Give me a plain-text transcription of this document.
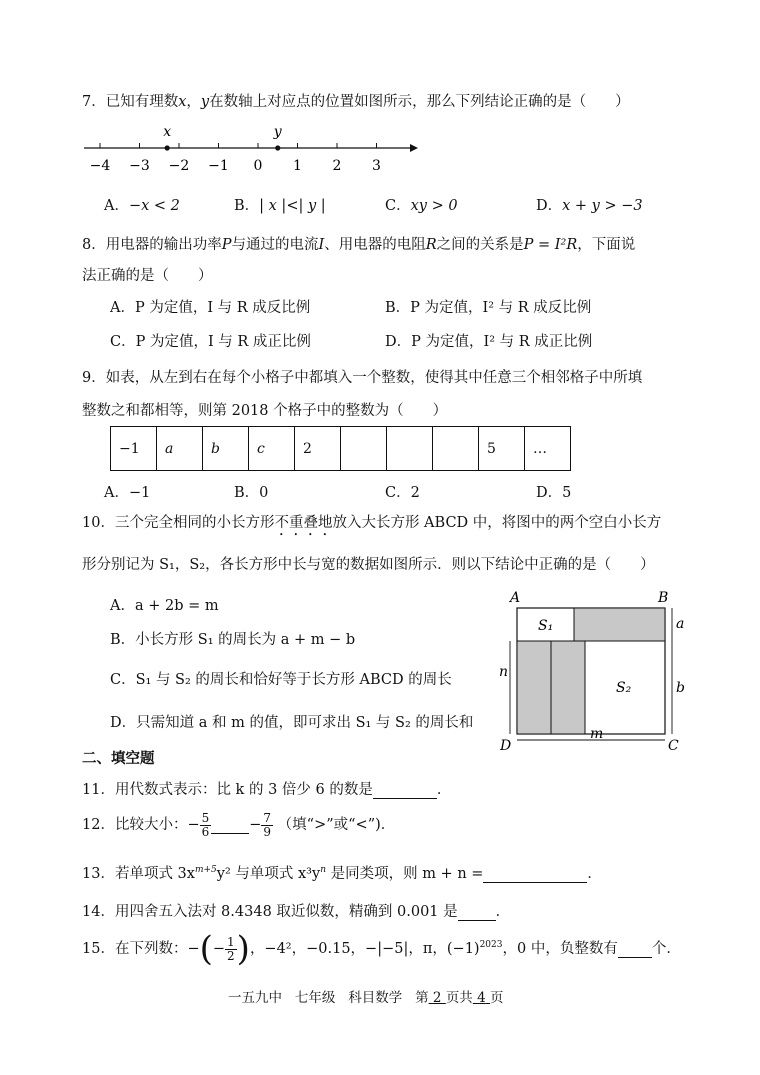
7．已知有理数x，y在数轴上对应点的位置如图所示，那么下列结论正确的是（　　）
−4 −3 −2 −1 0 1 2 3
x	y
A．−x < 2	B．| x |<| y |	C．xy > 0	D．x + y > −3
8．用电器的输出功率P与通过的电流I、用电器的电阻R之间的关系是P = I²R，下面说
法正确的是（　　）
A．P 为定值，I 与 R 成反比例	B．P 为定值，I² 与 R 成反比例
C．P 为定值，I 与 R 成正比例	D．P 为定值，I² 与 R 成正比例
9．如表，从左到右在每个小格子中都填入一个整数，使得其中任意三个相邻格子中所填
整数之和都相等，则第 2018 个格子中的整数为（　　）
−1	a	b	c	2				5	…
A．−1	B．0	C．2	D．5
10．三个完全相同的小长方形不重叠地放入大长方形 ABCD 中，将图中的两个空白小长方
形分别记为 S₁，S₂，各长方形中长与宽的数据如图所示．则以下结论中正确的是（　　）
A．a + 2b = m
B．小长方形 S₁ 的周长为 a + m − b
C．S₁ 与 S₂ 的周长和恰好等于长方形 ABCD 的周长
D．只需知道 a 和 m 的值，即可求出 S₁ 与 S₂ 的周长和
A	B
C
D
S₁
S₂
a
b
n
m
二、填空题
11．用代数式表示：比 k 的 3 倍少 6 的数是	．
12．比较大小：− $\frac{5}{6}$	− $\frac{7}{9}$ （填“>”或“<”)．
13．若单项式 $3x^{m+5}y^2$ 与单项式 $x^3y^n$ 是同类项，则 m + n =	．
14．用四舍五入法对 8.4348 取近似数，精确到 0.001 是	．
15．在下列数：−(− $\frac{1}{2}$ )，−4²，−0.15，−|−5|，π，$(-1)^{2023}$，0 中，负整数有 个．
一五九中 七年级 科目数学 第 2 页共 4 页
